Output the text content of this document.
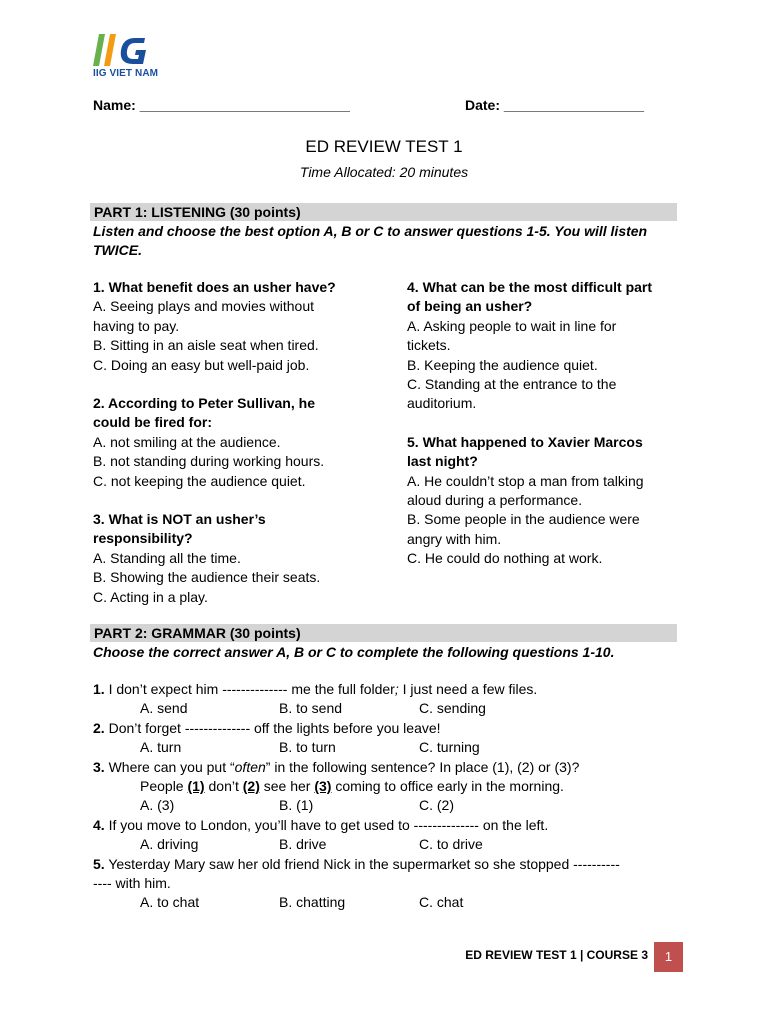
IIG VIET NAM
Name: ___________________________	Date: __________________
ED REVIEW TEST 1
Time Allocated: 20 minutes
PART 1: LISTENING (30 points)
Listen and choose the best option A, B or C to answer questions 1-5. You will listen
TWICE.
1. What benefit does an usher have?
A. Seeing plays and movies without
having to pay.
B. Sitting in an aisle seat when tired.
C. Doing an easy but well-paid job.
2. According to Peter Sullivan, he
could be fired for:
A. not smiling at the audience.
B. not standing during working hours.
C. not keeping the audience quiet.
3. What is NOT an usher’s
responsibility?
A. Standing all the time.
B. Showing the audience their seats.
C. Acting in a play.
4. What can be the most difficult part
of being an usher?
A. Asking people to wait in line for
tickets.
B. Keeping the audience quiet.
C. Standing at the entrance to the
auditorium.
5. What happened to Xavier Marcos
last night?
A. He couldn’t stop a man from talking
aloud during a performance.
B. Some people in the audience were
angry with him.
C. He could do nothing at work.
PART 2: GRAMMAR (30 points)
Choose the correct answer A, B or C to complete the following questions 1-10.
1. I don’t expect him -------------- me the full folder; I just need a few files.
A. send	B. to send	C. sending
2. Don’t forget -------------- off the lights before you leave!
A. turn	B. to turn	C. turning
3. Where can you put “often” in the following sentence? In place (1), (2) or (3)?
People (1) don’t (2) see her (3) coming to office early in the morning.
A. (3)	B. (1)	C. (2)
4. If you move to London, you’ll have to get used to -------------- on the left.
A. driving	B. drive	C. to drive
5. Yesterday Mary saw her old friend Nick in the supermarket so she stopped ----------
---- with him.
A. to chat	B. chatting	C. chat
ED REVIEW TEST 1 | COURSE 3	1
